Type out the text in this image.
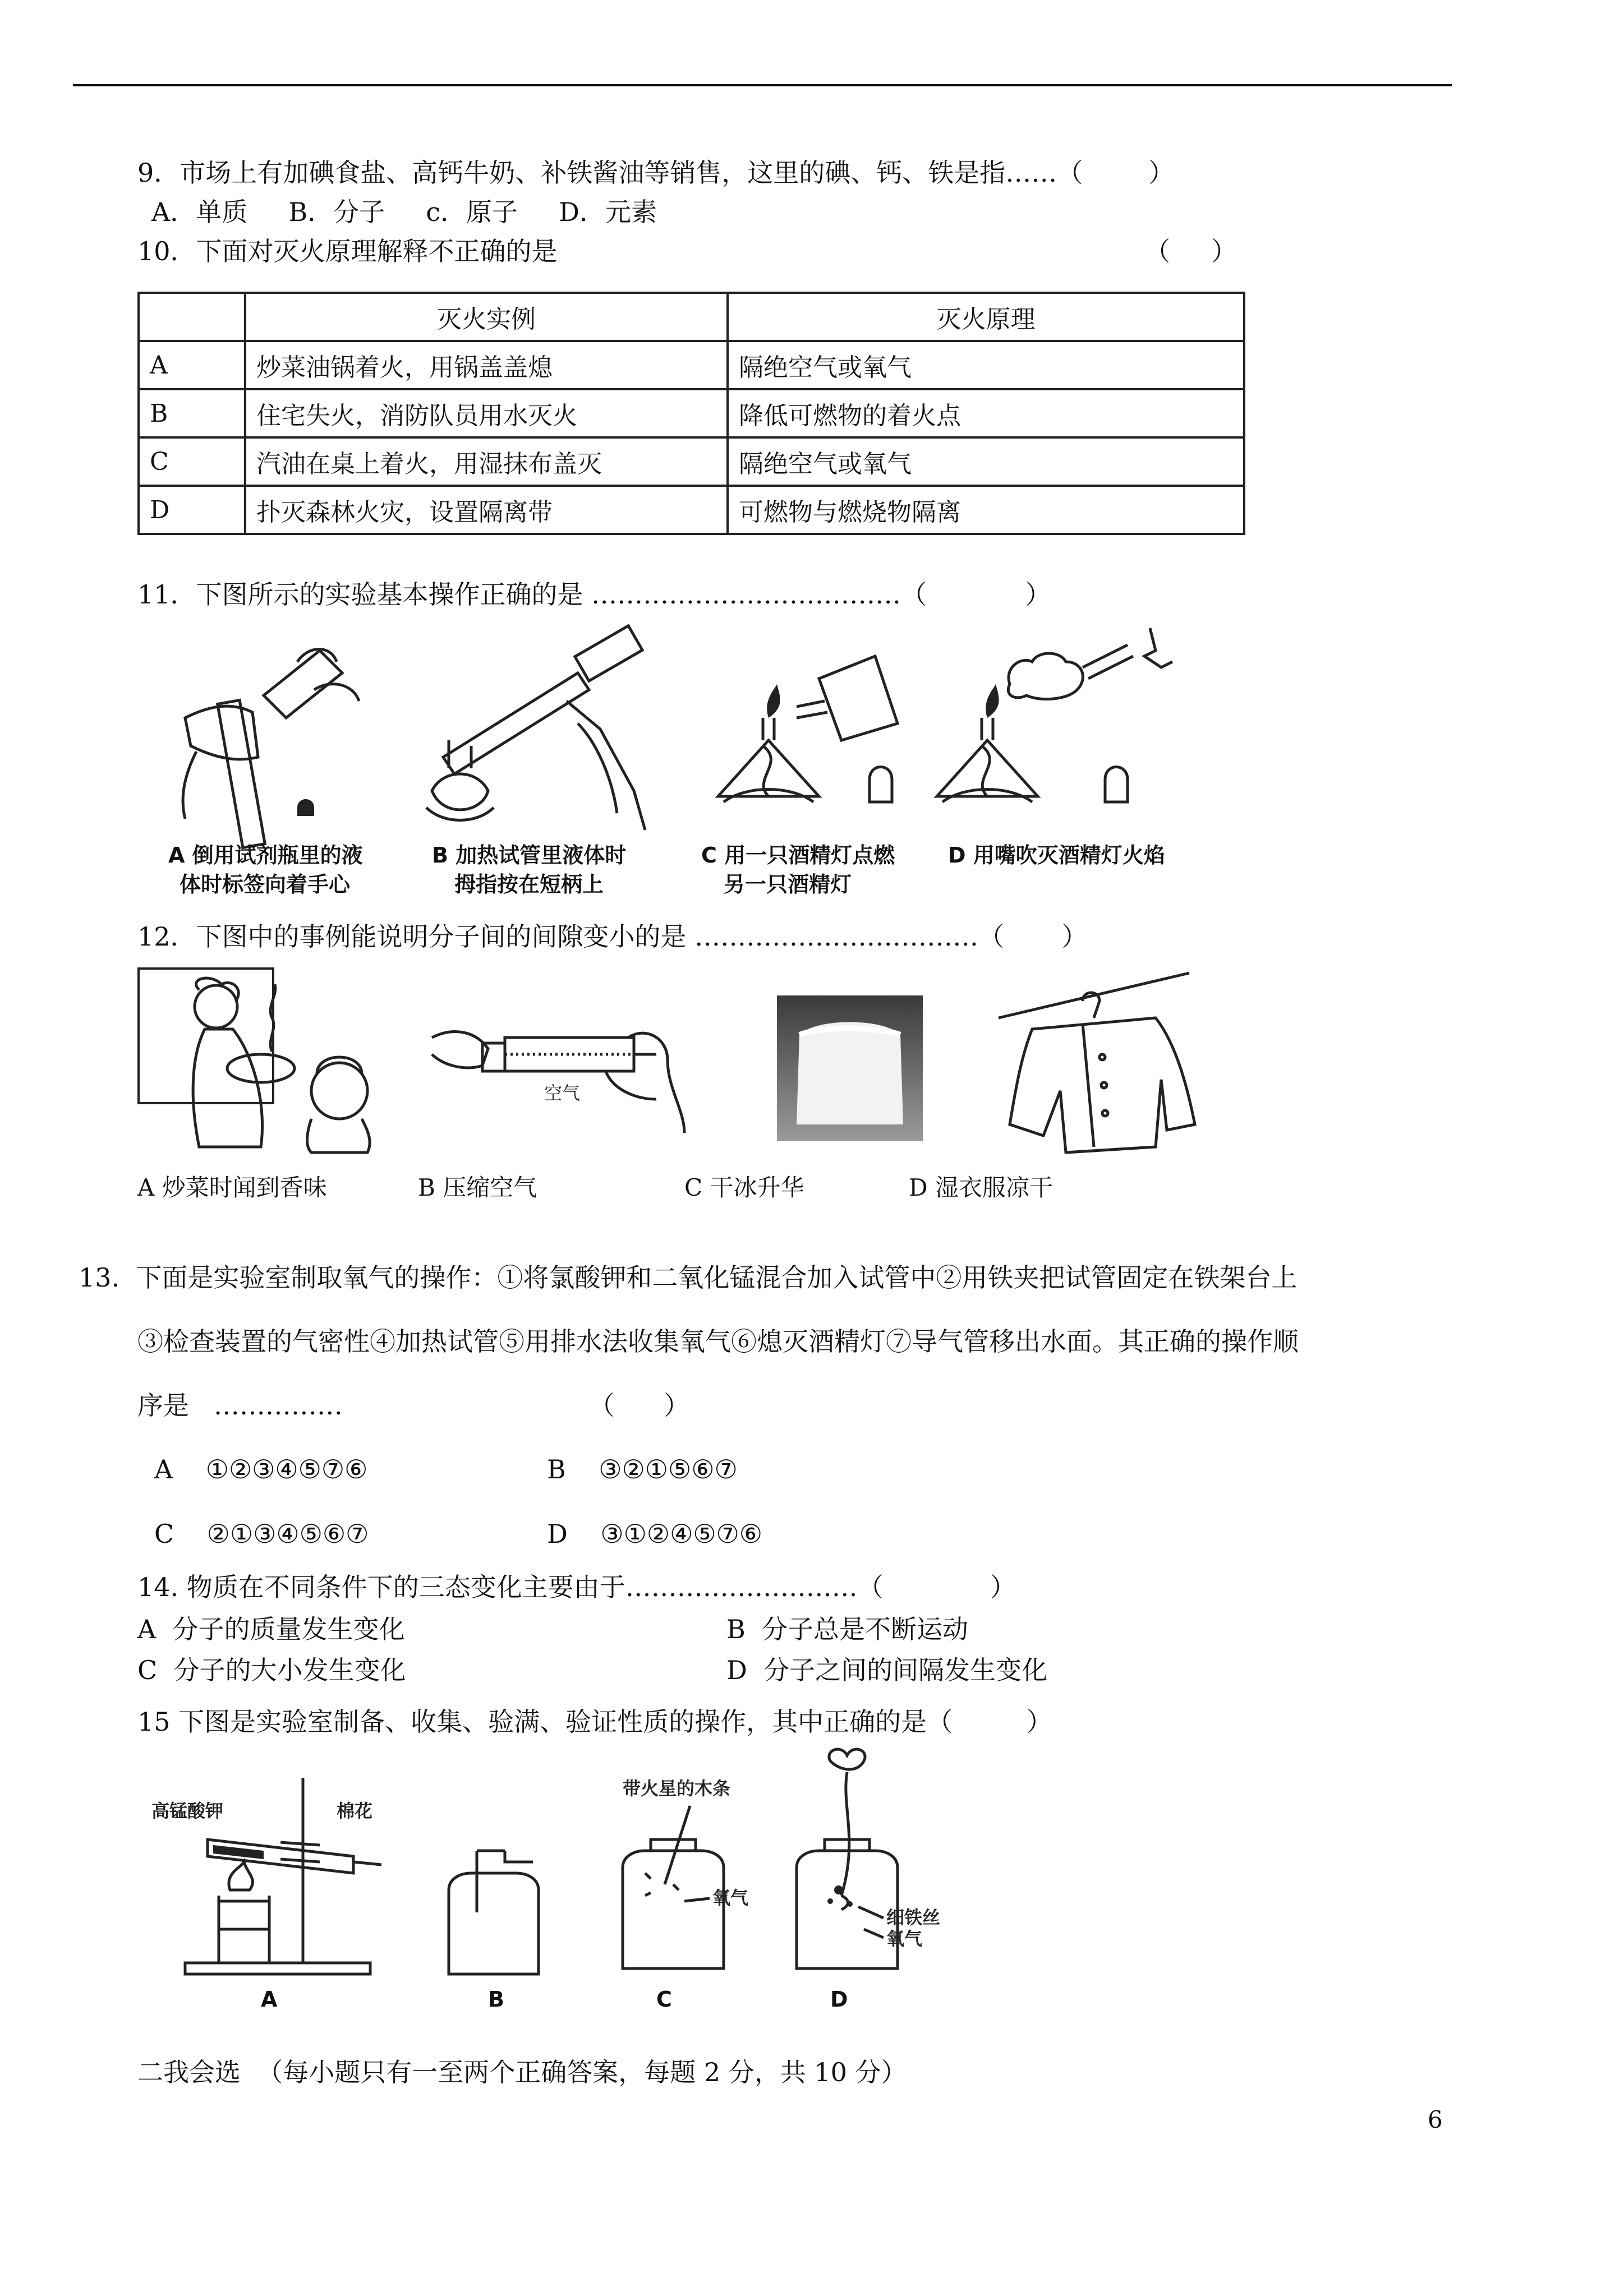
9．市场上有加碘食盐、高钙牛奶、补铁酱油等销售，这里的碘、钙、铁是指……（        ）
A．单质     B．分子     c．原子     D．元素
10．下面对灭火原理解释不正确的是	（     ）
	灭火实例	灭火原理
A	炒菜油锅着火，用锅盖盖熄	隔绝空气或氧气
B	住宅失火，消防队员用水灭火	降低可燃物的着火点
C	汽油在桌上着火，用湿抹布盖灭	隔绝空气或氧气
D	扑灭森林火灾，设置隔离带	可燃物与燃烧物隔离
11．下图所示的实验基本操作正确的是 ………………………………（            ）
A 倒用试剂瓶里的液
体时标签向着手心
B 加热试管里液体时
拇指按在短柄上
C 用一只酒精灯点燃
另一只酒精灯
D 用嘴吹灭酒精灯火焰
12．下图中的事例能说明分子间的间隙变小的是 ……………………………（       ）
空气
A 炒菜时闻到香味	B 压缩空气	C 干冰升华	D 湿衣服凉干
13.  下面是实验室制取氧气的操作：①将氯酸钾和二氧化锰混合加入试管中②用铁夹把试管固定在铁架台上
③检查装置的气密性④加热试管⑤用排水法收集氧气⑥熄灭酒精灯⑦导气管移出水面。其正确的操作顺
序是   ……………                              （      ）
A    ①②③④⑤⑦⑥	B    ③②①⑤⑥⑦
C    ②①③④⑤⑥⑦	D    ③①②④⑤⑦⑥
14. 物质在不同条件下的三态变化主要由于………………………（             ）
A  分子的质量发生变化	B  分子总是不断运动
C  分子的大小发生变化	D  分子之间的间隔发生变化
15 下图是实验室制备、收集、验满、验证性质的操作，其中正确的是（         ）
高锰酸钾	棉花
带火星的木条
氧气
细铁丝
氧气
A	B	C	D
二我会选  （每小题只有一至两个正确答案，每题 2 分，共 10 分）
6
